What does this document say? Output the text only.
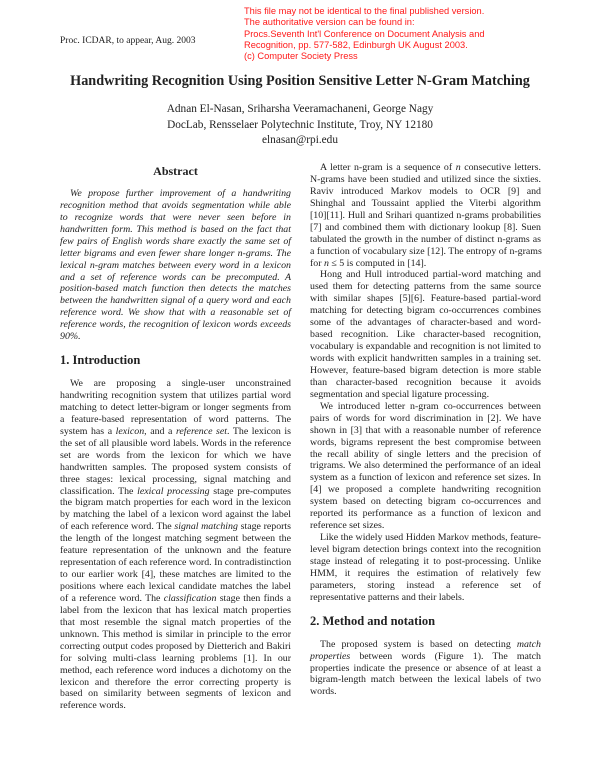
Proc. ICDAR, to appear, Aug. 2003
This file may not be identical to the final published version.
The authoritative version can be found in:
Procs.Seventh Int'l Conference on Document Analysis and
Recognition, pp. 577-582, Edinburgh UK August 2003.
(c) Computer Society Press
Handwriting Recognition Using Position Sensitive Letter N-Gram Matching
Adnan El-Nasan, Sriharsha Veeramachaneni, George Nagy
DocLab, Rensselaer Polytechnic Institute, Troy, NY 12180
elnasan@rpi.edu
Abstract
We propose further improvement of a handwriting
recognition method that avoids segmentation while able
to recognize words that were never seen before in
handwritten form. This method is based on the fact that
few pairs of English words share exactly the same set of
letter bigrams and even fewer share longer n-grams. The
lexical n-gram matches between every word in a lexicon
and a set of reference words can be precomputed. A
position-based match function then detects the matches
between the handwritten signal of a query word and each
reference word. We show that with a reasonable set of
reference words, the recognition of lexicon words exceeds
90%.
1. Introduction
We are proposing a single-user unconstrained
handwriting recognition system that utilizes partial word
matching to detect letter-bigram or longer segments from
a feature-based representation of word patterns. The
system has a lexicon, and a reference set. The lexicon is
the set of all plausible word labels. Words in the reference
set are words from the lexicon for which we have
handwritten samples. The proposed system consists of
three stages: lexical processing, signal matching and
classification. The lexical processing stage pre-computes
the bigram match properties for each word in the lexicon
by matching the label of a lexicon word against the label
of each reference word. The signal matching stage reports
the length of the longest matching segment between the
feature representation of the unknown and the feature
representation of each reference word. In contradistinction
to our earlier work [4], these matches are limited to the
positions where each lexical candidate matches the label
of a reference word. The classification stage then finds a
label from the lexicon that has lexical match properties
that most resemble the signal match properties of the
unknown. This method is similar in principle to the error
correcting output codes proposed by Dietterich and Bakiri
for solving multi-class learning problems [1]. In our
method, each reference word induces a dichotomy on the
lexicon and therefore the error correcting property is
based on similarity between segments of lexicon and
reference words.
A letter n-gram is a sequence of n consecutive letters.
N-grams have been studied and utilized since the sixties.
Raviv introduced Markov models to OCR [9] and
Shinghal and Toussaint applied the Viterbi algorithm
[10][11]. Hull and Srihari quantized n-grams probabilities
[7] and combined them with dictionary lookup [8]. Suen
tabulated the growth in the number of distinct n-grams as
a function of vocabulary size [12]. The entropy of n-grams
for n ≤ 5 is computed in [14].
Hong and Hull introduced partial-word matching and
used them for detecting patterns from the same source
with similar shapes [5][6]. Feature-based partial-word
matching for detecting bigram co-occurrences combines
some of the advantages of character-based and word-
based recognition. Like character-based recognition,
vocabulary is expandable and recognition is not limited to
words with explicit handwritten samples in a training set.
However, feature-based bigram detection is more stable
than character-based recognition because it avoids
segmentation and special ligature processing.
We introduced letter n-gram co-occurrences between
pairs of words for word discrimination in [2]. We have
shown in [3] that with a reasonable number of reference
words, bigrams represent the best compromise between
the recall ability of single letters and the precision of
trigrams. We also determined the performance of an ideal
system as a function of lexicon and reference set sizes. In
[4] we proposed a complete handwriting recognition
system based on detecting bigram co-occurrences and
reported its performance as a function of lexicon and
reference set sizes.
Like the widely used Hidden Markov methods, feature-
level bigram detection brings context into the recognition
stage instead of relegating it to post-processing. Unlike
HMM, it requires the estimation of relatively few
parameters, storing instead a reference set of
representative patterns and their labels.
2. Method and notation
The proposed system is based on detecting match
properties between words (Figure 1). The match
properties indicate the presence or absence of at least a
bigram-length match between the lexical labels of two
words.
